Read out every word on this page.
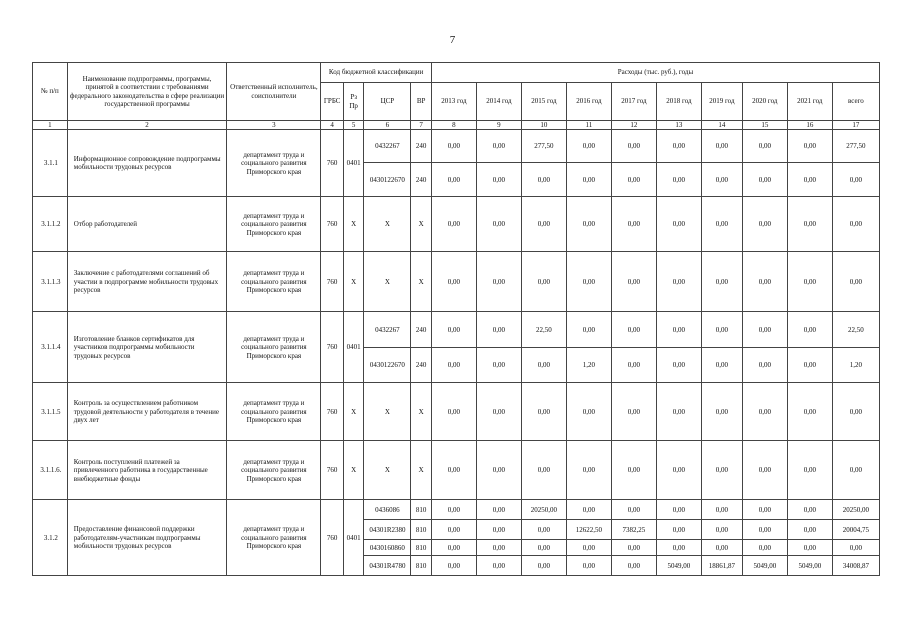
7
№ п/п	Наименование подпрограммы, программы, принятой в соответствии с требованиями федерального законодательства в сфере реализации государственной программы	Ответственный исполнитель, соисполнители	Код бюджетной классификации				Расходы (тыс. руб.), годы									
			ГРБС	Рз Пр	ЦСР	ВР	2013 год	2014 год	2015 год	2016 год	2017 год	2018 год	2019 год	2020 год	2021 год	всего
1	2	3	4	5	6	7	8	9	10	11	12	13	14	15	16	17
3.1.1	Информационное сопровождение подпрограммы мобильности трудовых ресурсов	департамент труда и социального развития Приморского края	760	0401	0432267	240	0,00	0,00	277,50	0,00	0,00	0,00	0,00	0,00	0,00	277,50
					0430122670	240	0,00	0,00	0,00	0,00	0,00	0,00	0,00	0,00	0,00	0,00
3.1.1.2	Отбор работодателей	департамент труда и социального развития Приморского края	760	X	X	X	0,00	0,00	0,00	0,00	0,00	0,00	0,00	0,00	0,00	0,00
3.1.1.3	Заключение с работодателями соглашений об участии в подпрограмме мобильности трудовых ресурсов	департамент труда и социального развития Приморского края	760	X	X	X	0,00	0,00	0,00	0,00	0,00	0,00	0,00	0,00	0,00	0,00
3.1.1.4	Изготовление бланков сертификатов для участников подпрограммы мобильности трудовых ресурсов	департамент труда и социального развития Приморского края	760	0401	0432267	240	0,00	0,00	22,50	0,00	0,00	0,00	0,00	0,00	0,00	22,50
					0430122670	240	0,00	0,00	0,00	1,20	0,00	0,00	0,00	0,00	0,00	1,20
3.1.1.5	Контроль за осуществлением работником трудовой деятельности у работодателя в течение двух лет	департамент труда и социального развития Приморского края	760	X	X	X	0,00	0,00	0,00	0,00	0,00	0,00	0,00	0,00	0,00	0,00
3.1.1.6.	Контроль поступлений платежей за привлеченного работника в государственные внебюджетные фонды	департамент труда и социального развития Приморского края	760	X	X	X	0,00	0,00	0,00	0,00	0,00	0,00	0,00	0,00	0,00	0,00
3.1.2	Предоставление финансовой поддержки работодателям-участникам подпрограммы мобильности трудовых ресурсов	департамент труда и социального развития Приморского края	760	0401	0436086	810	0,00	0,00	20250,00	0,00	0,00	0,00	0,00	0,00	0,00	20250,00
					04301R2380	810	0,00	0,00	0,00	12622,50	7382,25	0,00	0,00	0,00	0,00	20004,75
					0430160860	810	0,00	0,00	0,00	0,00	0,00	0,00	0,00	0,00	0,00	0,00
					04301R4780	810	0,00	0,00	0,00	0,00	0,00	5049,00	18861,87	5049,00	5049,00	34008,87
